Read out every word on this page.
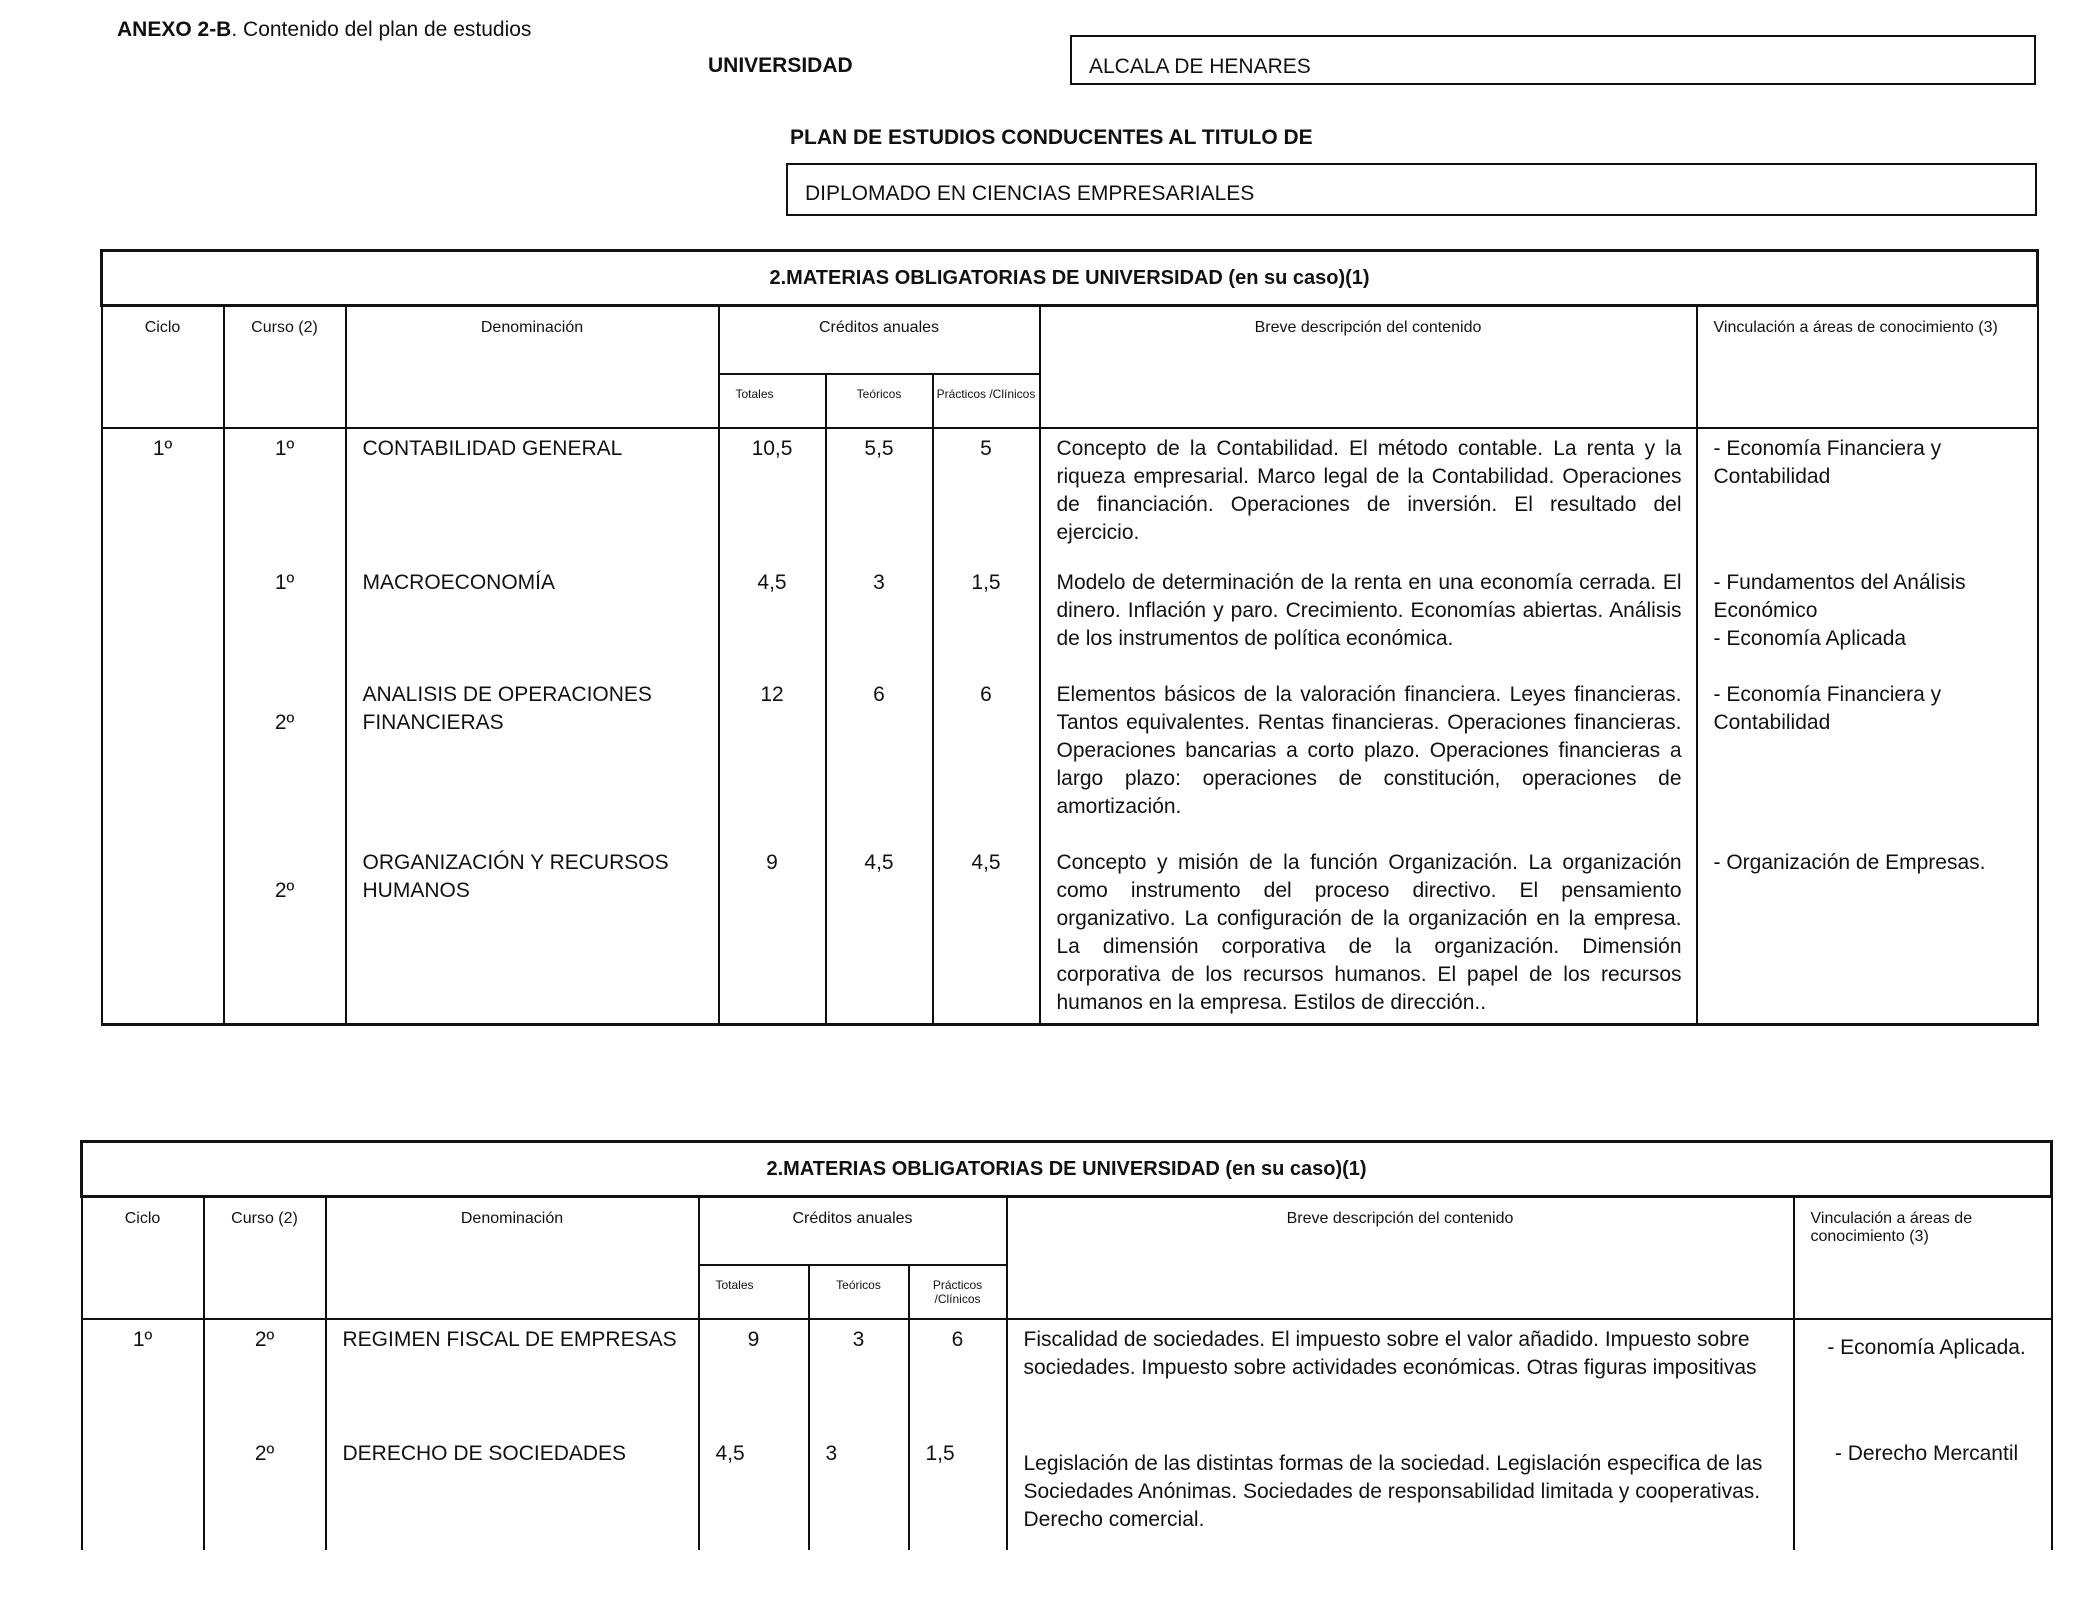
ANEXO 2-B. Contenido del plan de estudios
UNIVERSIDAD	ALCALA DE HENARES
PLAN DE ESTUDIOS CONDUCENTES AL TITULO DE
DIPLOMADO EN CIENCIAS EMPRESARIALES
2.MATERIAS OBLIGATORIAS DE UNIVERSIDAD (en su caso)(1)							
Ciclo	Curso (2)	Denominación	Créditos anuales			Breve descripción del contenido	Vinculación a áreas de conocimiento (3)
			Totales	Teóricos	Prácticos /Clínicos		
1º	1º	CONTABILIDAD GENERAL	10,5	5,5	5	Concepto de la Contabilidad. El método contable. La renta y la riqueza empresarial. Marco legal de la Contabilidad. Operaciones de financiación. Operaciones de inversión. El resultado del ejercicio.	- Economía Financiera y Contabilidad

	1º	MACROECONOMÍA	4,5	3	1,5	Modelo de determinación de la renta en una economía cerrada. El dinero. Inflación y paro. Crecimiento. Economías abiertas. Análisis de los instrumentos de política económica.	- Fundamentos del Análisis Económico
- Economía Aplicada

	2º	ANALISIS DE OPERACIONES FINANCIERAS	12	6	6	Elementos básicos de la valoración financiera. Leyes financieras. Tantos equivalentes. Rentas financieras. Operaciones financieras. Operaciones bancarias a corto plazo. Operaciones financieras a largo plazo: operaciones de constitución, operaciones de amortización.	- Economía Financiera y Contabilidad

	2º	ORGANIZACIÓN Y RECURSOS HUMANOS	9	4,5	4,5	Concepto y misión de la función Organización. La organización como instrumento del proceso directivo. El pensamiento organizativo. La configuración de la organización en la empresa. La dimensión corporativa de la organización. Dimensión corporativa de los recursos humanos. El papel de los recursos humanos en la empresa. Estilos de dirección..	- Organización de Empresas.
2.MATERIAS OBLIGATORIAS DE UNIVERSIDAD (en su caso)(1)							
Ciclo	Curso (2)	Denominación	Créditos anuales			Breve descripción del contenido	Vinculación a áreas de conocimiento (3)
			Totales	Teóricos	Prácticos /Clínicos		
1º	2º	REGIMEN FISCAL DE EMPRESAS	9	3	6	Fiscalidad de sociedades. El impuesto sobre el valor añadido. Impuesto sobre sociedades. Impuesto sobre actividades económicas. Otras figuras impositivas	- Economía Aplicada.

	2º	DERECHO DE SOCIEDADES	4,5	3	1,5	Legislación de las distintas formas de la sociedad. Legislación especifica de las Sociedades Anónimas. Sociedades de responsabilidad limitada y cooperativas. Derecho comercial.	- Derecho Mercantil
